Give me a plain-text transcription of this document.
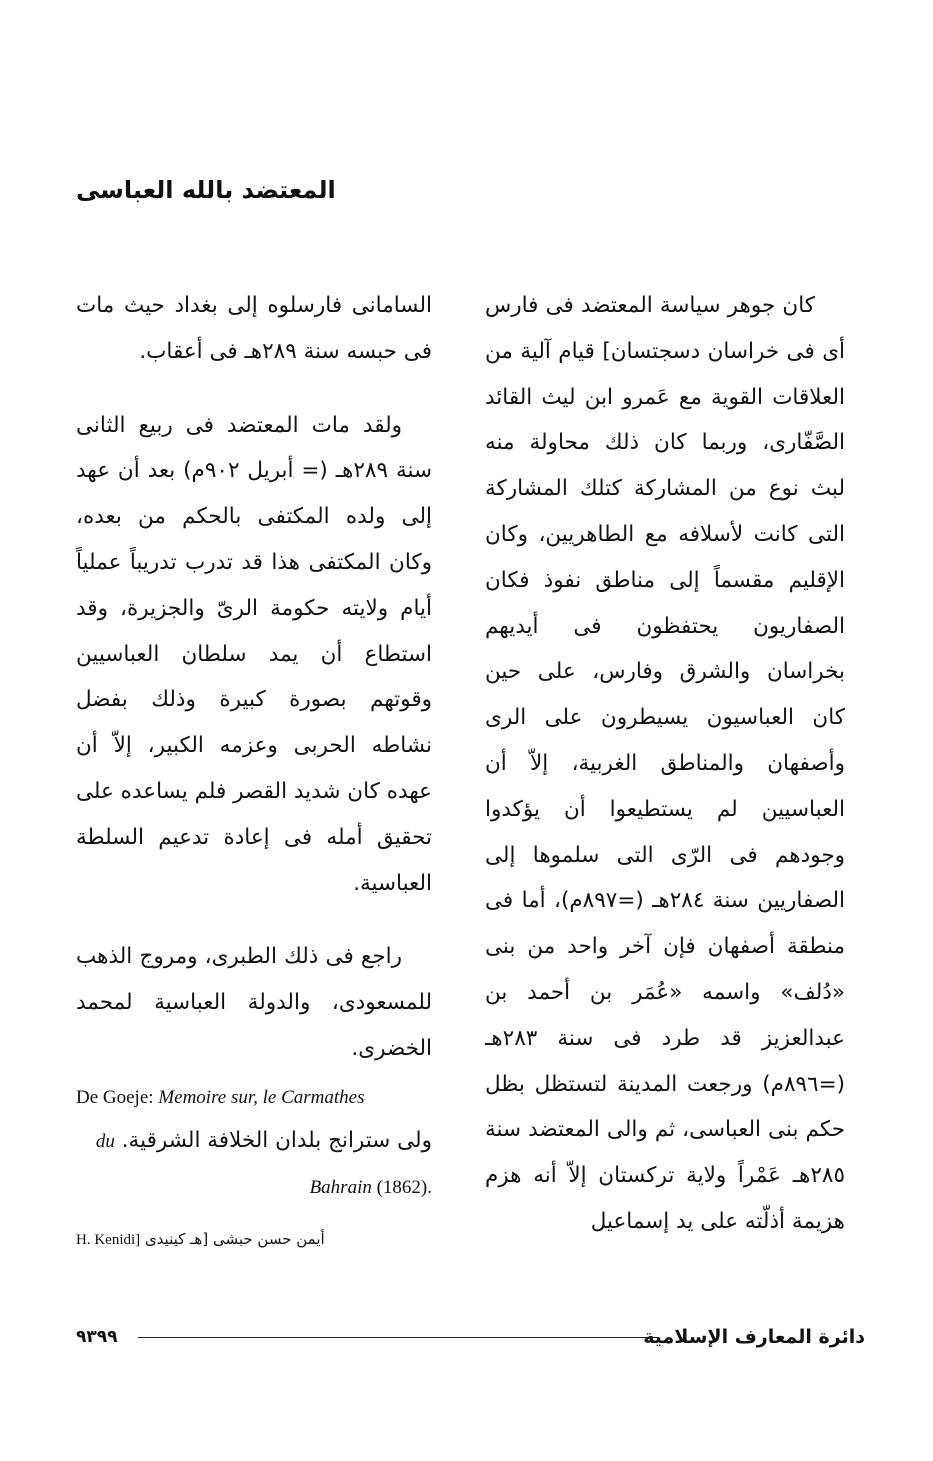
المعتضد بالله العباسى

كان جوهر سياسة المعتضد فى فارس أى فى خراسان دسجتسان] قيام آلية من العلاقات القوية مع عَمرو ابن ليث القائد الصَّفّارى، وربما كان ذلك محاولة منه لبث نوع من المشاركة كتلك المشاركة التى كانت لأسلافه مع الطاهريين، وكان الإقليم مقسماً إلى مناطق نفوذ فكان الصفاريون يحتفظون فى أيديهم بخراسان والشرق وفارس، على حين كان العباسيون يسيطرون على الرى وأصفهان والمناطق الغربية، إلاّ أن العباسيين لم يستطيعوا أن يؤكدوا وجودهم فى الرّى التى سلموها إلى الصفاريين سنة ٢٨٤هـ (=٨٩٧م)، أما فى منطقة أصفهان فإن آخر واحد من بنى «دُلف» واسمه «عُمَر بن أحمد بن عبدالعزيز قد طرد فى سنة ٢٨٣هـ (=٨٩٦م) ورجعت المدينة لتستظل بظل حكم بنى العباسى، ثم والى المعتضد سنة ٢٨٥هـ عَمْراً ولاية تركستان إلاّ أنه هزم هزيمة أذلّته على يد إسماعيل

السامانى فارسلوه إلى بغداد حيث مات فى حبسه سنة ٢٨٩هـ فى أعقاب.

ولقد مات المعتضد فى ربيع الثانى سنة ٢٨٩هـ (= أبريل ٩٠٢م) بعد أن عهد إلى ولده المكتفى بالحكم من بعده، وكان المكتفى هذا قد تدرب تدريباً عملياً أيام ولايته حكومة الرىّ والجزيرة، وقد استطاع أن يمد سلطان العباسيين وقوتهم بصورة كبيرة وذلك بفضل نشاطه الحربى وعزمه الكبير، إلاّ أن عهده كان شديد القصر فلم يساعده على تحقيق أمله فى إعادة تدعيم السلطة العباسية.

راجع فى ذلك الطبرى، ومروج الذهب للمسعودى، والدولة العباسية لمحمد الخضرى.

De Goeje: Memoire sur, le Carmathes
ولى سترانج بلدان الخلافة الشرقية. du Bahrain (1862).
أيمن حسن حبشى [هـ كينيدى H. Kenidi]
دائرة المعارف الإسلامية
٩٣٩٩
